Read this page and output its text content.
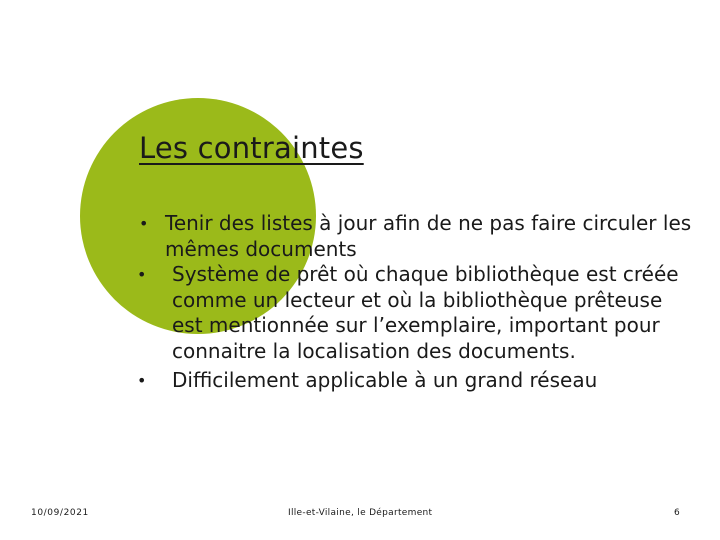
Les contraintes
• Tenir des listes à jour afin de ne pas faire circuler les mêmes documents
• Système de prêt où chaque bibliothèque est créée comme un lecteur et où la bibliothèque prêteuse est mentionnée sur l’exemplaire, important pour connaitre la localisation des documents.
• Difficilement applicable à un grand réseau
10/09/2021	Ille-et-Vilaine, le Département	6
